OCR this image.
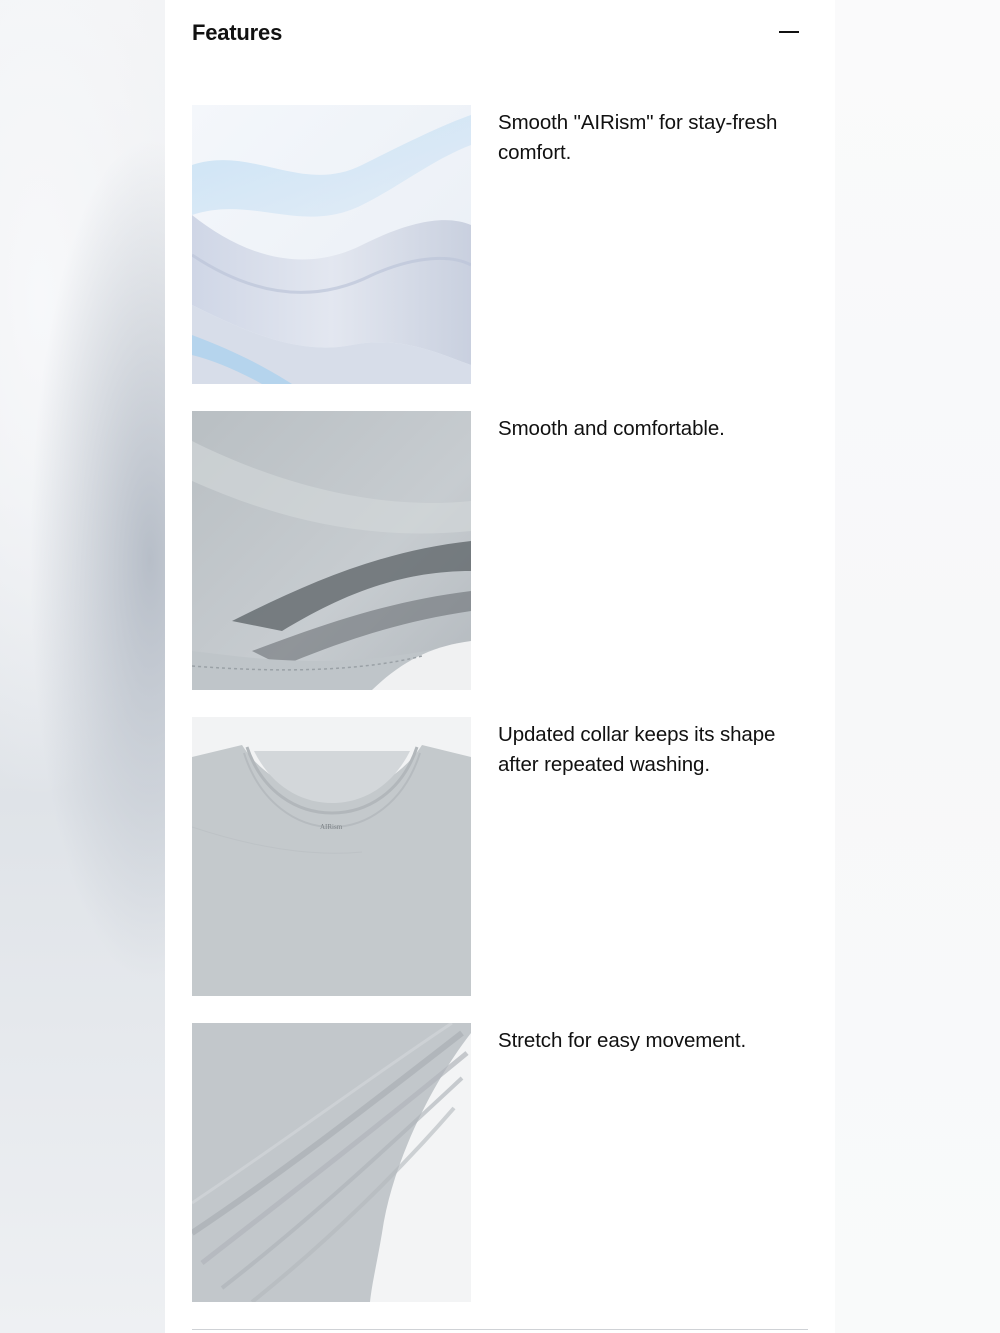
Features
Smooth "AIRism" for stay-fresh comfort.
Smooth and comfortable.
AIRism
Updated collar keeps its shape after repeated washing.
Stretch for easy movement.
